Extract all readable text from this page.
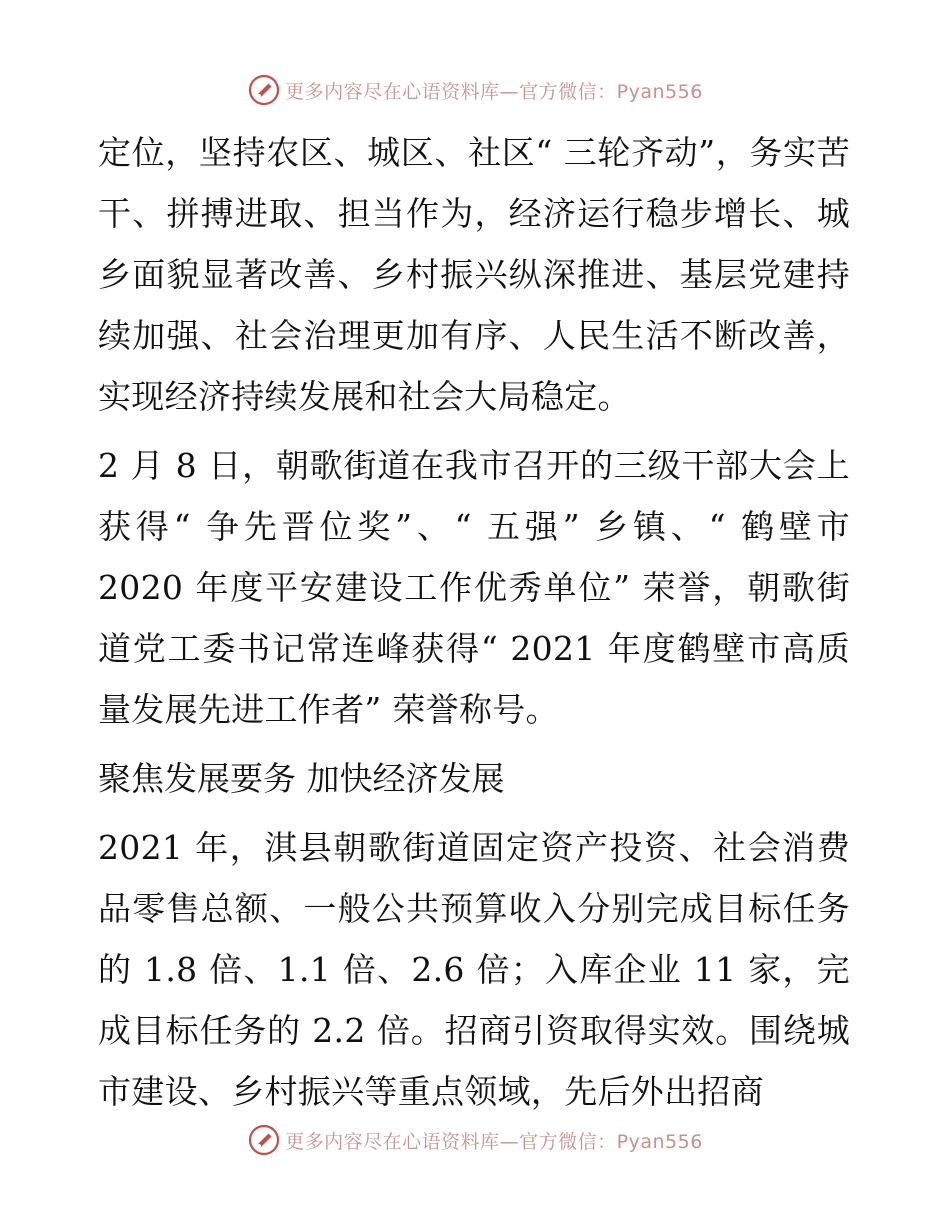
更多内容尽在心语资料库—官方微信：Pyan556

定位，坚持农区、城区、社区“ 三轮齐动”，务实苦干、拼搏进取、担当作为，经济运行稳步增长、城乡面貌显著改善、乡村振兴纵深推进、基层党建持续加强、社会治理更加有序、人民生活不断改善，实现经济持续发展和社会大局稳定。

2 月 8 日，朝歌街道在我市召开的三级干部大会上获得“ 争先晋位奖”、“ 五强” 乡镇、“ 鹤壁市 2020 年度平安建设工作优秀单位” 荣誉，朝歌街道党工委书记常连峰获得“ 2021 年度鹤壁市高质量发展先进工作者” 荣誉称号。

聚焦发展要务 加快经济发展

2021 年，淇县朝歌街道固定资产投资、社会消费品零售总额、一般公共预算收入分别完成目标任务的 1.8 倍、1.1 倍、2.6 倍；入库企业 11 家，完成目标任务的 2.2 倍。招商引资取得实效。围绕城市建设、乡村振兴等重点领域，先后外出招商

更多内容尽在心语资料库—官方微信：Pyan556
